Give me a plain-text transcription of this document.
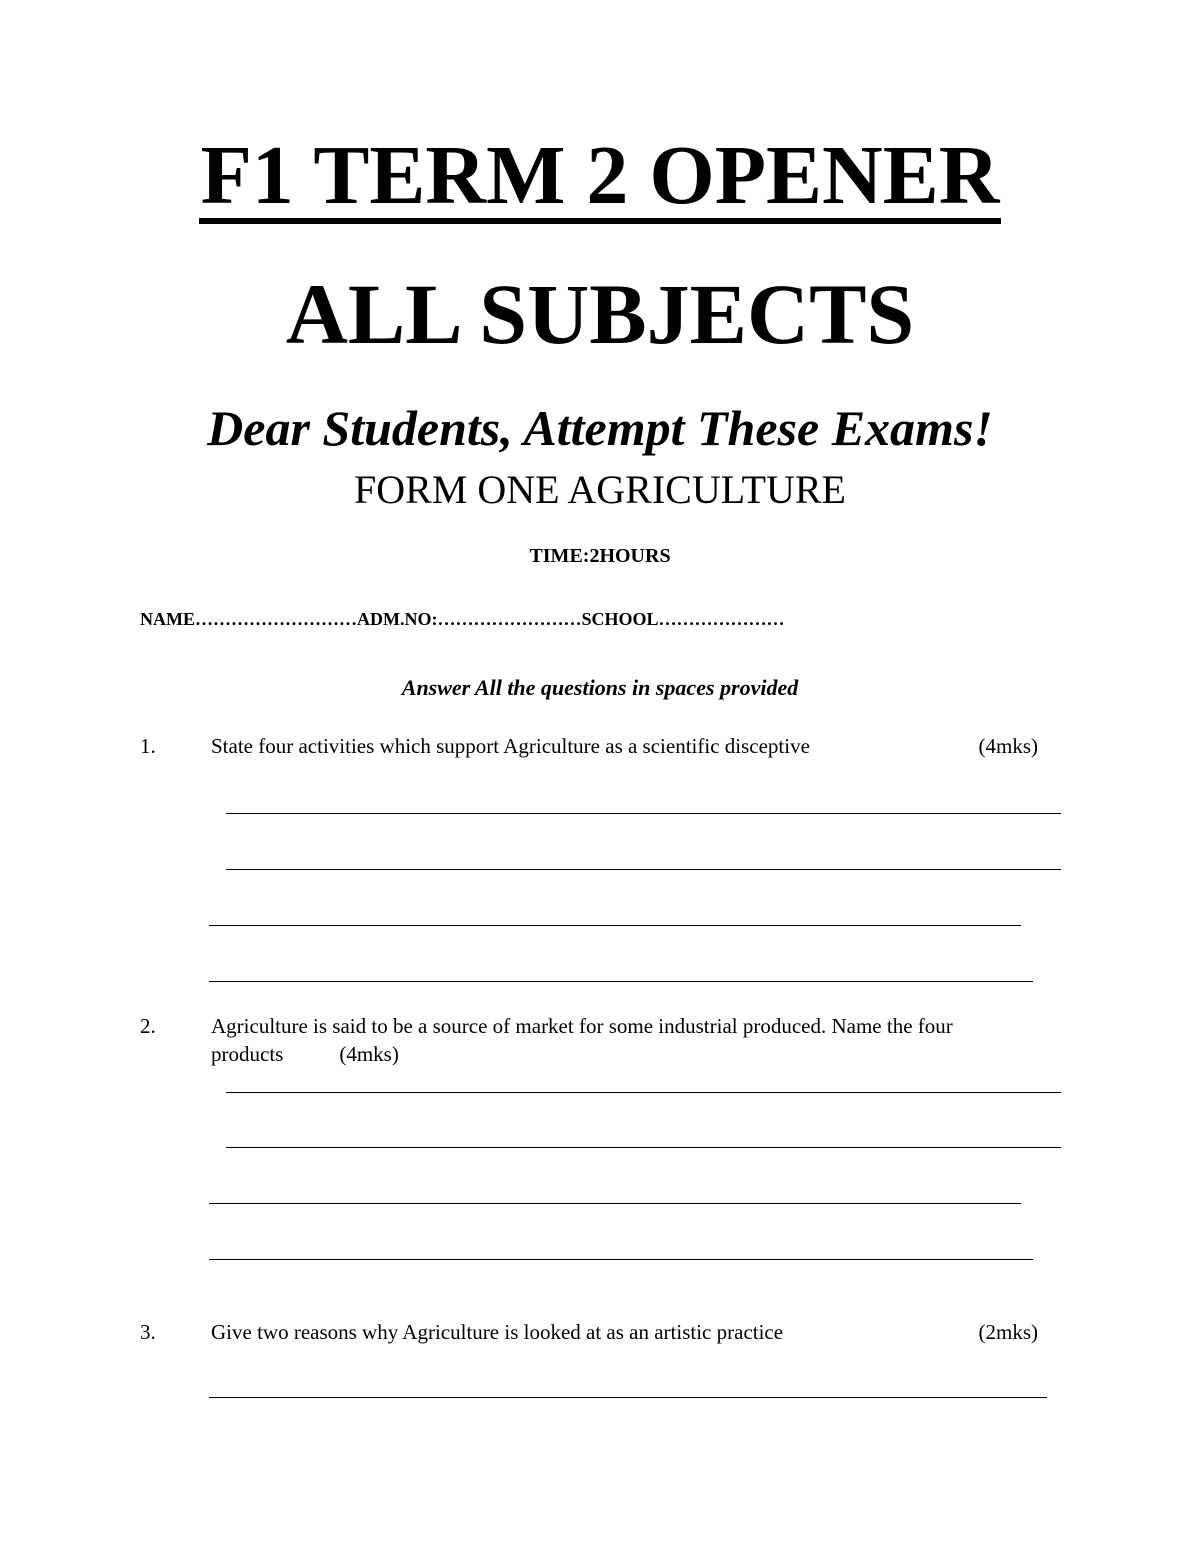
F1 TERM 2 OPENER
ALL SUBJECTS
Dear Students, Attempt These Exams!
FORM ONE AGRICULTURE
TIME:2HOURS
NAME………………………ADM.NO:……………………SCHOOL…………………
Answer All the questions in spaces provided
1.	State four activities which support Agriculture as a scientific disceptive	(4mks)
2.	Agriculture is said to be a source of market for some industrial produced. Name the four products	(4mks)
3.	Give two reasons why Agriculture is looked at as an artistic practice	(2mks)
